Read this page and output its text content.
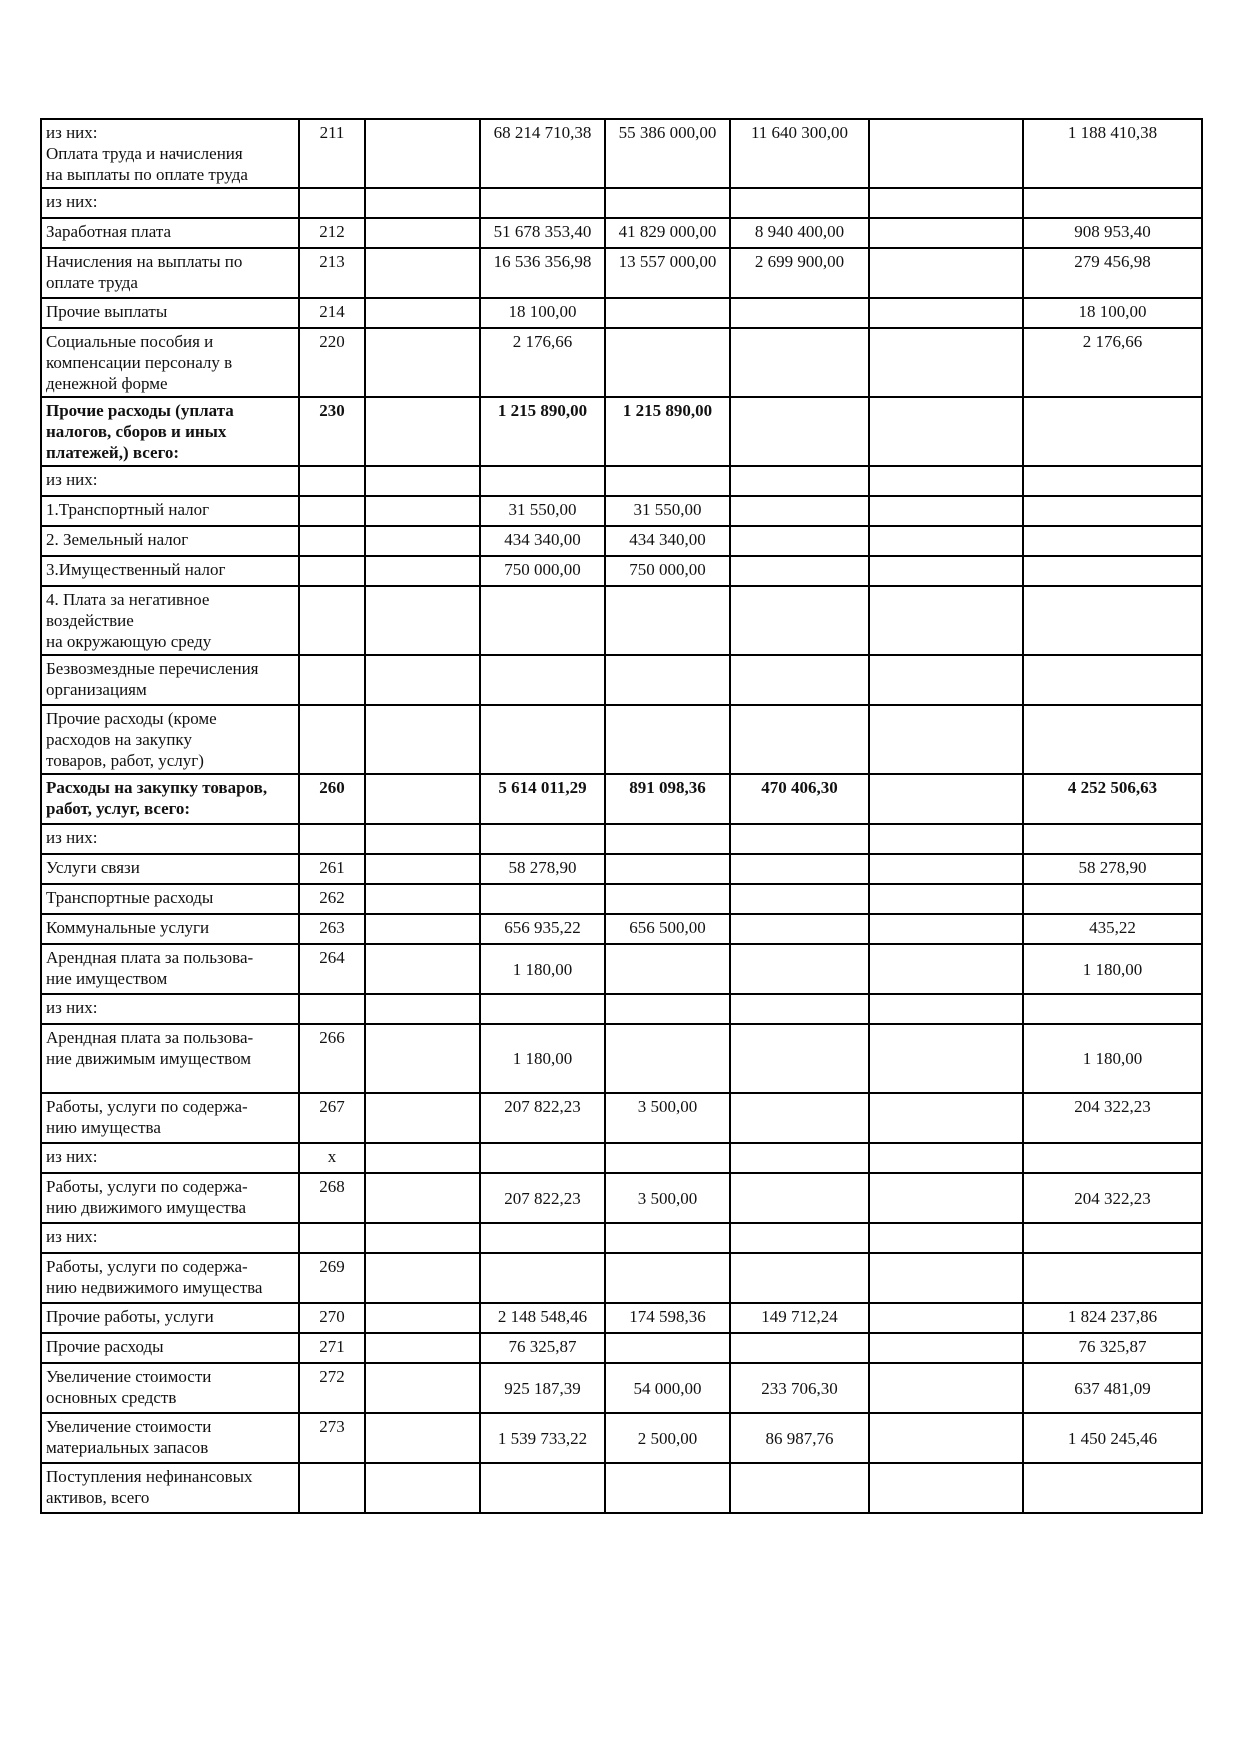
из них:
Оплата труда и начисления
на выплаты по оплате труда	211		68 214 710,38	55 386 000,00	11 640 300,00		1 188 410,38
из них:							
Заработная плата	212		51 678 353,40	41 829 000,00	8 940 400,00		908 953,40
Начисления на выплаты по
оплате труда	213		16 536 356,98	13 557 000,00	2 699 900,00		279 456,98
Прочие выплаты	214		18 100,00				18 100,00
Социальные пособия и
компенсации персоналу в
денежной форме	220		2 176,66				2 176,66
Прочие расходы (уплата
налогов, сборов и иных
платежей,) всего:	230		1 215 890,00	1 215 890,00			
из них:							
1.Транспортный налог			31 550,00	31 550,00			
2. Земельный налог			434 340,00	434 340,00			
3.Имущественный налог			750 000,00	750 000,00			
4. Плата за негативное
воздействие
на окружающую среду							
Безвозмездные перечисления
организациям							
Прочие расходы (кроме
расходов на закупку
товаров, работ, услуг)							
Расходы на закупку товаров,
работ, услуг, всего:	260		5 614 011,29	891 098,36	470 406,30		4 252 506,63
из них:							
Услуги связи	261		58 278,90				58 278,90
Транспортные расходы	262						
Коммунальные услуги	263		656 935,22	656 500,00			435,22
Арендная плата за пользова-
ние имуществом	264		1 180,00				1 180,00
из них:							
Арендная плата за пользова-
ние движимым имуществом	266		1 180,00				1 180,00
Работы, услуги по содержа-
нию имущества	267		207 822,23	3 500,00			204 322,23
из них:	х						
Работы, услуги по содержа-
нию движимого имущества	268		207 822,23	3 500,00			204 322,23
из них:							
Работы, услуги по содержа-
нию недвижимого имущества	269						
Прочие работы, услуги	270		2 148 548,46	174 598,36	149 712,24		1 824 237,86
Прочие расходы	271		76 325,87				76 325,87
Увеличение стоимости
основных средств	272		925 187,39	54 000,00	233 706,30		637 481,09
Увеличение стоимости
материальных запасов	273		1 539 733,22	2 500,00	86 987,76		1 450 245,46
Поступления нефинансовых
активов, всего							
